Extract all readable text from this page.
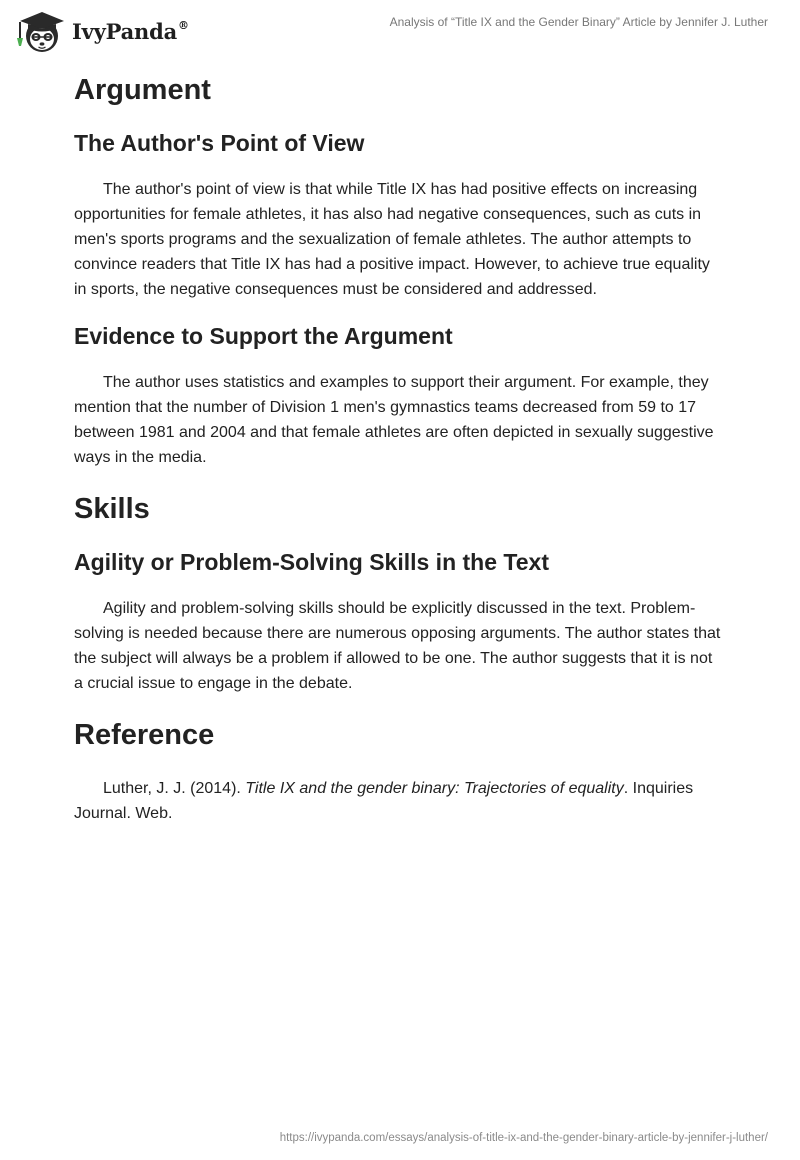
IvyPanda®	Analysis of “Title IX and the Gender Binary” Article by Jennifer J. Luther
Argument
The Author's Point of View

The author's point of view is that while Title IX has had positive effects on increasing opportunities for female athletes, it has also had negative consequences, such as cuts in men's sports programs and the sexualization of female athletes. The author attempts to convince readers that Title IX has had a positive impact. However, to achieve true equality in sports, the negative consequences must be considered and addressed.

Evidence to Support the Argument

The author uses statistics and examples to support their argument. For example, they mention that the number of Division 1 men's gymnastics teams decreased from 59 to 17 between 1981 and 2004 and that female athletes are often depicted in sexually suggestive ways in the media.

Skills
Agility or Problem-Solving Skills in the Text

Agility and problem-solving skills should be explicitly discussed in the text. Problem-
solving is needed because there are numerous opposing arguments. The author states that the subject will always be a problem if allowed to be one. The author suggests that it is not a crucial issue to engage in the debate.

Reference

Luther, J. J. (2014). Title IX and the gender binary: Trajectories of equality. Inquiries Journal. Web.

https://ivypanda.com/essays/analysis-of-title-ix-and-the-gender-binary-article-by-jennifer-j-luther/
